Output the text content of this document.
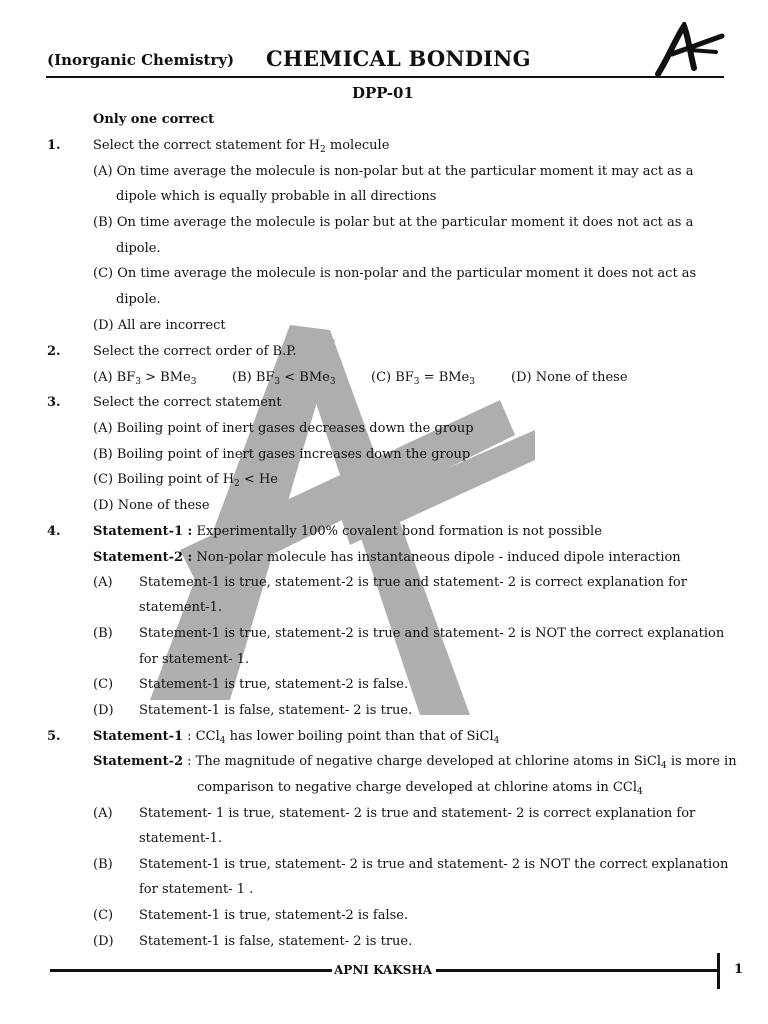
(Inorganic Chemistry) CHEMICAL BONDING
DPP-01
Only one correct
1. Select the correct statement for $H_2$ molecule
(A) On time average the molecule is non-polar but at the particular moment it may act as a
dipole which is equally probable in all directions
(B) On time average the molecule is polar but at the particular moment it does not act as a
dipole.
(C) On time average the molecule is non-polar and the particular moment it does not act as
dipole.
(D) All are incorrect
2. Select the correct order of B.P.
(A) $BF_3 > BMe_3$	(B) $BF_3 < BMe_3$	(C) $BF_3 = BMe_3$	(D) None of these
3. Select the correct statement
(A) Boiling point of inert gases decreases down the group
(B) Boiling point of inert gases increases down the group
(C) Boiling point of $H_2 < He$
(D) None of these
4. Statement-1 : Experimentally 100% covalent bond formation is not possible
Statement-2 : Non-polar molecule has instantaneous dipole - induced dipole interaction
(A) Statement-1 is true, statement-2 is true and statement- 2 is correct explanation for
statement-1.
(B) Statement-1 is true, statement-2 is true and statement- 2 is NOT the correct explanation
for statement- 1.
(C) Statement-1 is true, statement-2 is false.
(D) Statement-1 is false, statement- 2 is true.
5. Statement-1 : CCl$_4$ has lower boiling point than that of SiCl$_4$
Statement-2 : The magnitude of negative charge developed at chlorine atoms in SiCl$_4$ is more in
comparison to negative charge developed at chlorine atoms in CCl$_4$
(A) Statement- 1 is true, statement- 2 is true and statement- 2 is correct explanation for
statement-1.
(B) Statement-1 is true, statement- 2 is true and statement- 2 is NOT the correct explanation
for statement- 1 .
(C) Statement-1 is true, statement-2 is false.
(D) Statement-1 is false, statement- 2 is true.
APNI KAKSHA	1
